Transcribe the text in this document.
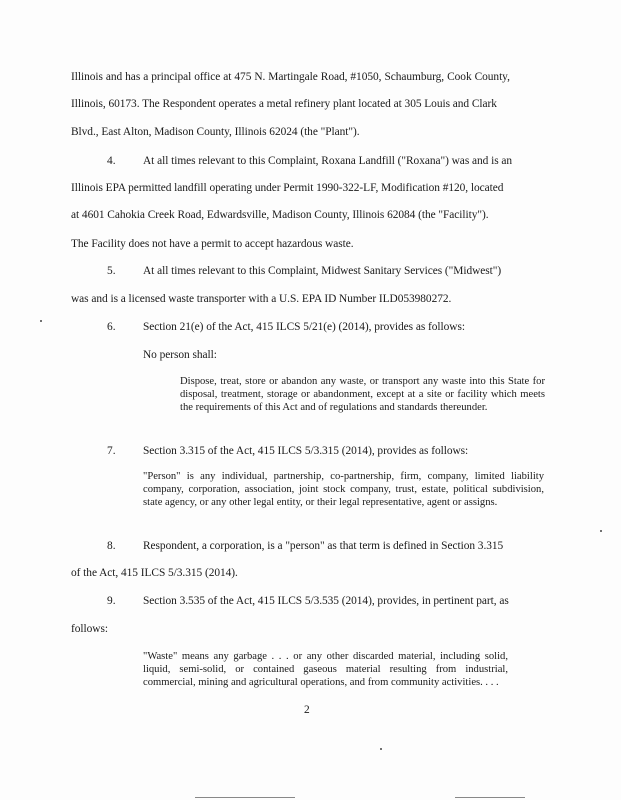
Illinois and has a principal office at 475 N. Martingale Road, #1050, Schaumburg, Cook County,
Illinois, 60173. The Respondent operates a metal refinery plant located at 305 Louis and Clark
Blvd., East Alton, Madison County, Illinois 62024 (the "Plant").
4. At all times relevant to this Complaint, Roxana Landfill ("Roxana") was and is an
Illinois EPA permitted landfill operating under Permit 1990-322-LF, Modification #120, located
at 4601 Cahokia Creek Road, Edwardsville, Madison County, Illinois 62084 (the "Facility").
The Facility does not have a permit to accept hazardous waste.
5. At all times relevant to this Complaint, Midwest Sanitary Services ("Midwest")
was and is a licensed waste transporter with a U.S. EPA ID Number ILD053980272.
6. Section 21(e) of the Act, 415 ILCS 5/21(e) (2014), provides as follows:
No person shall:
Dispose, treat, store or abandon any waste, or transport any waste into this State for disposal, treatment, storage or abandonment, except at a site or facility which meets the requirements of this Act and of regulations and standards thereunder.
7. Section 3.315 of the Act, 415 ILCS 5/3.315 (2014), provides as follows:
"Person" is any individual, partnership, co-partnership, firm, company, limited liability company, corporation, association, joint stock company, trust, estate, political subdivision, state agency, or any other legal entity, or their legal representative, agent or assigns.
8. Respondent, a corporation, is a "person" as that term is defined in Section 3.315
of the Act, 415 ILCS 5/3.315 (2014).
9. Section 3.535 of the Act, 415 ILCS 5/3.535 (2014), provides, in pertinent part, as
follows:
"Waste" means any garbage . . . or any other discarded material, including solid, liquid, semi-solid, or contained gaseous material resulting from industrial, commercial, mining and agricultural operations, and from community activities. . . .
2
